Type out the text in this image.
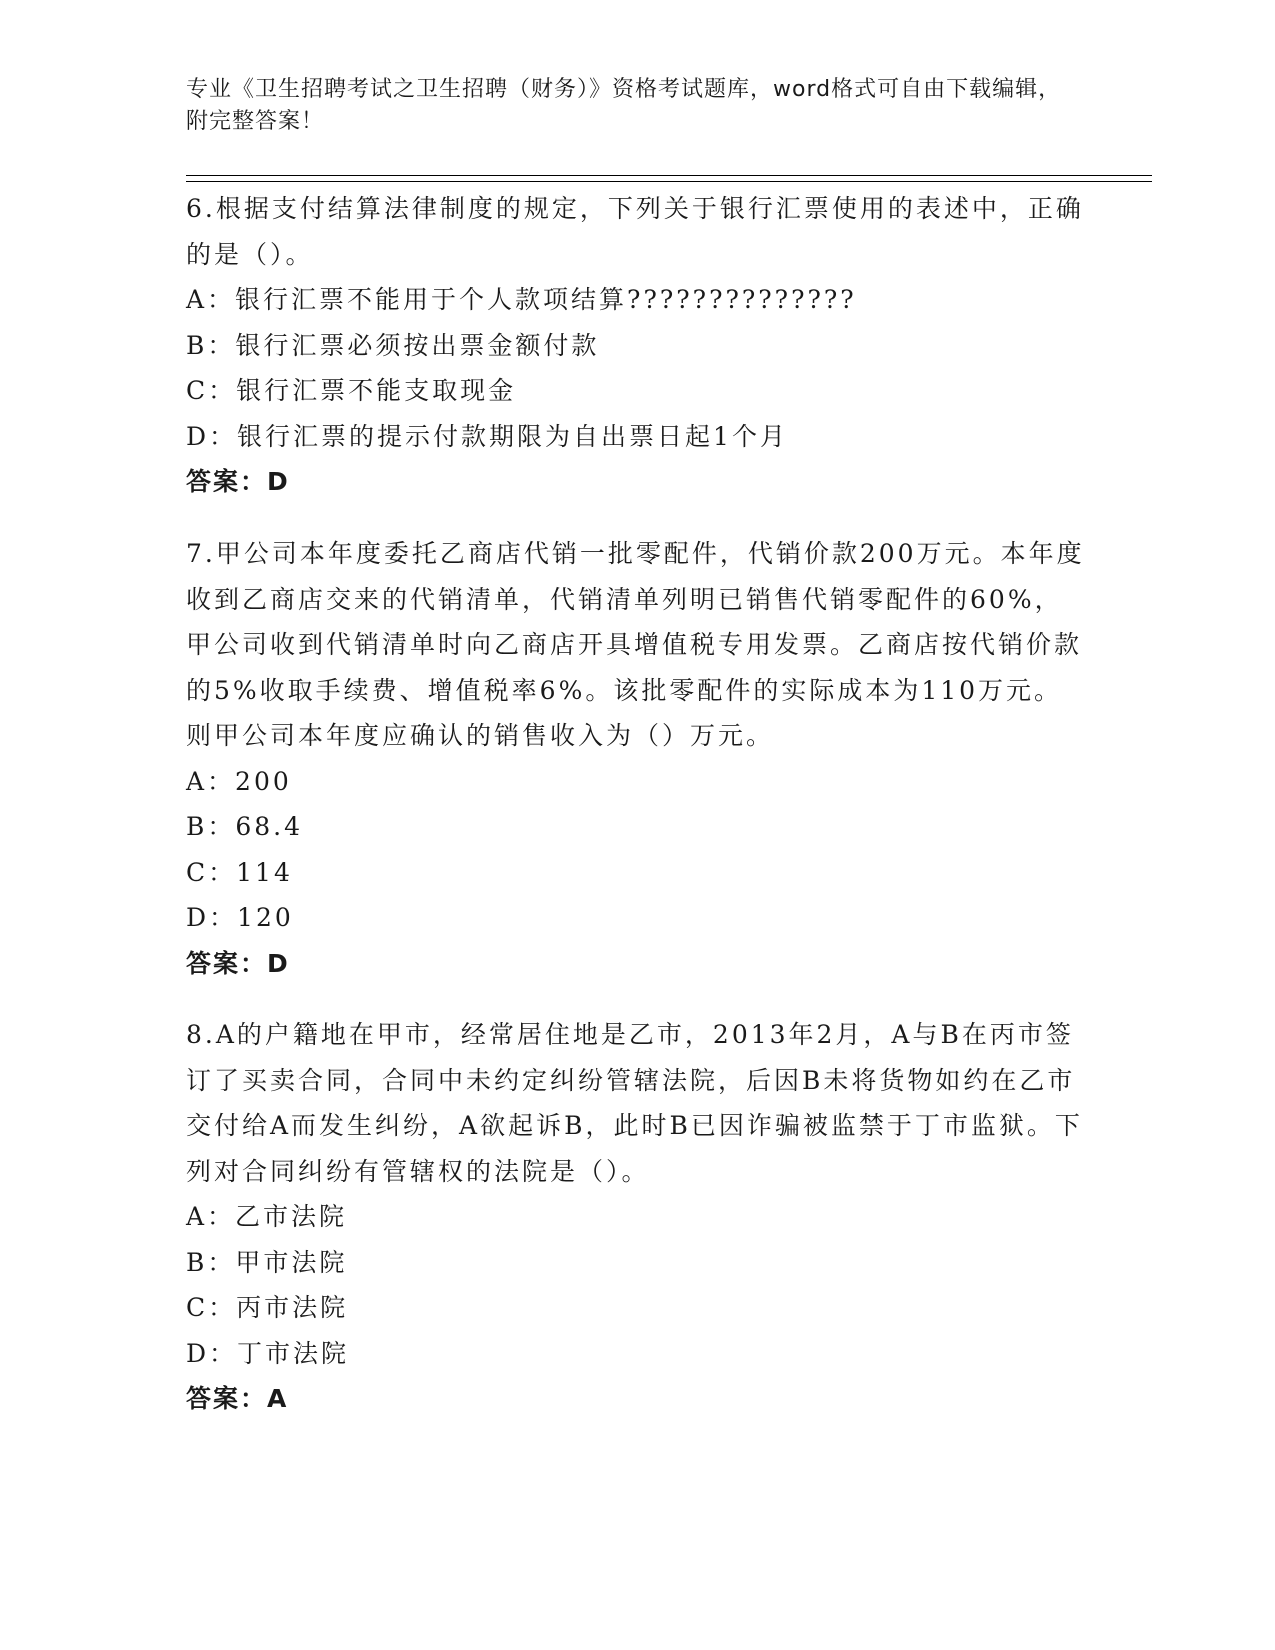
专业《卫生招聘考试之卫生招聘（财务）》资格考试题库，word格式可自由下载编辑，附完整答案！

6.根据支付结算法律制度的规定，下列关于银行汇票使用的表述中，正确的是（）。

A：银行汇票不能用于个人款项结算??????????????

B：银行汇票必须按出票金额付款

C：银行汇票不能支取现金

D：银行汇票的提示付款期限为自出票日起1个月

答案：D

7.甲公司本年度委托乙商店代销一批零配件，代销价款200万元。本年度收到乙商店交来的代销清单，代销清单列明已销售代销零配件的60%，甲公司收到代销清单时向乙商店开具增值税专用发票。乙商店按代销价款的5%收取手续费、增值税率6%。该批零配件的实际成本为110万元。则甲公司本年度应确认的销售收入为（）万元。

A：200

B：68.4

C：114

D：120

答案：D

8.A的户籍地在甲市，经常居住地是乙市，2013年2月，A与B在丙市签订了买卖合同，合同中未约定纠纷管辖法院，后因B未将货物如约在乙市交付给A而发生纠纷，A欲起诉B，此时B已因诈骗被监禁于丁市监狱。下列对合同纠纷有管辖权的法院是（）。

A：乙市法院

B：甲市法院

C：丙市法院

D：丁市法院

答案：A
